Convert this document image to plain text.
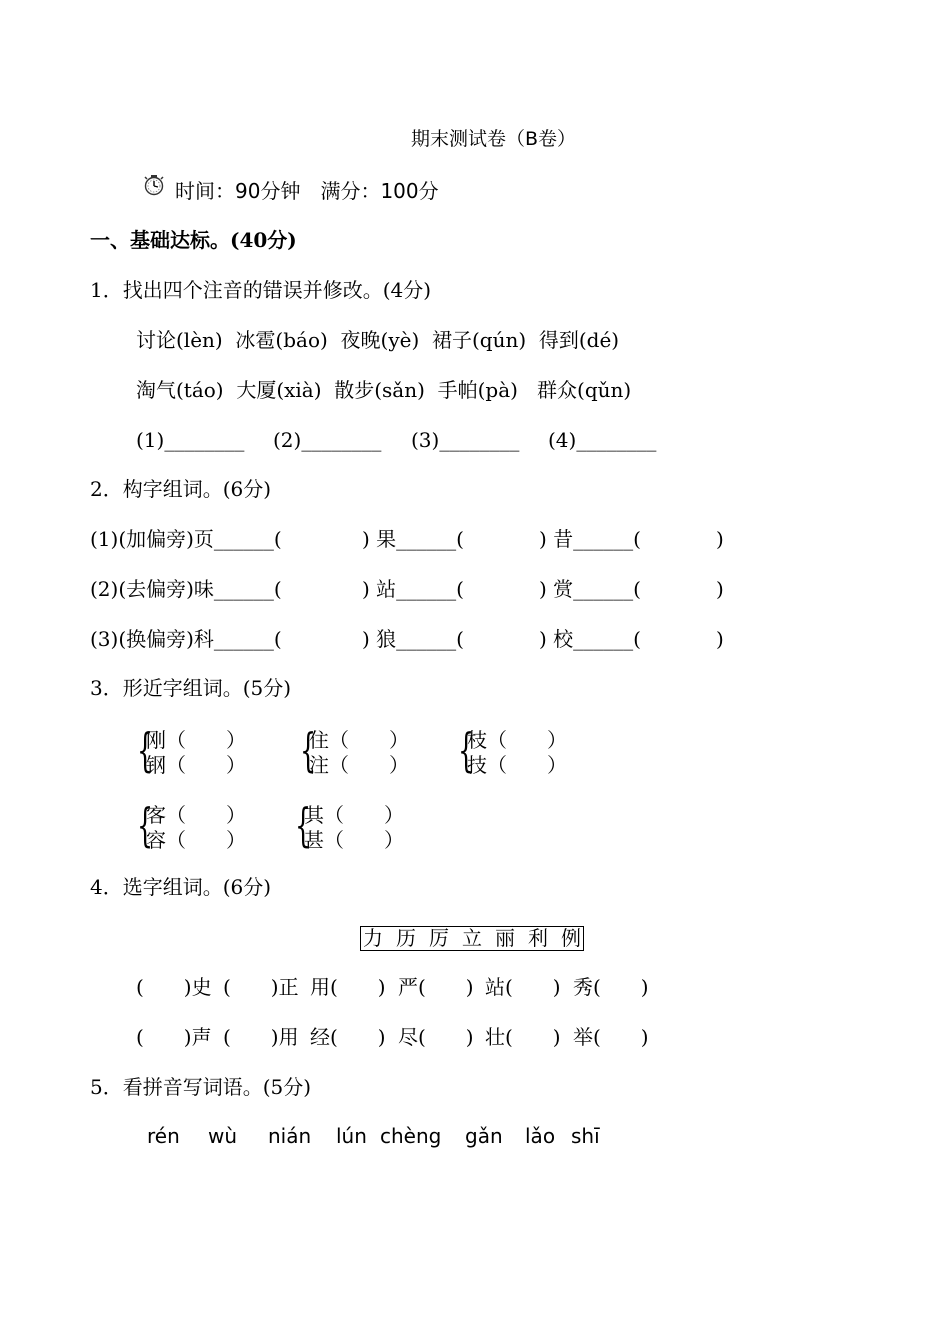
期末测试卷（B卷）
时间：90分钟　满分：100分
一、基础达标。(40分)
1．找出四个注音的错误并修改。(4分)
讨论(lèn)  冰雹(báo)  夜晚(yè)  裙子(qún)  得到(dé)
淘气(táo)  大厦(xià)  散步(sǎn)  手帕(pà)   群众(qǔn)
(1)________ (2)________ (3)________ (4)________
2．构字组词。(6分)
(1)(加偏旁)页______(	) 果______(	) 昔______(	)
(2)(去偏旁)味______(	) 站______(	) 赏______(	)
(3)(换偏旁)科______(	) 狼______(	) 校______(	)
3．形近字组词。(5分)
{
刚（　　）
钢（　　） {
住（　　）
注（　　） {
枝（　　）
技（　　）
{
客（　　）
容（　　） {
其（　　）
甚（　　）
4．选字组词。(6分)
力 历 厉 立 丽 利 例
(　　)史 (　　)正 用(　　) 严(　　) 站(　　) 秀(　　)
(　　)声 (　　)用 经(　　) 尽(　　) 壮(　　) 举(　　)
5．看拼音写词语。(5分)
rén wù nián lún chèng gǎn lǎo shī
